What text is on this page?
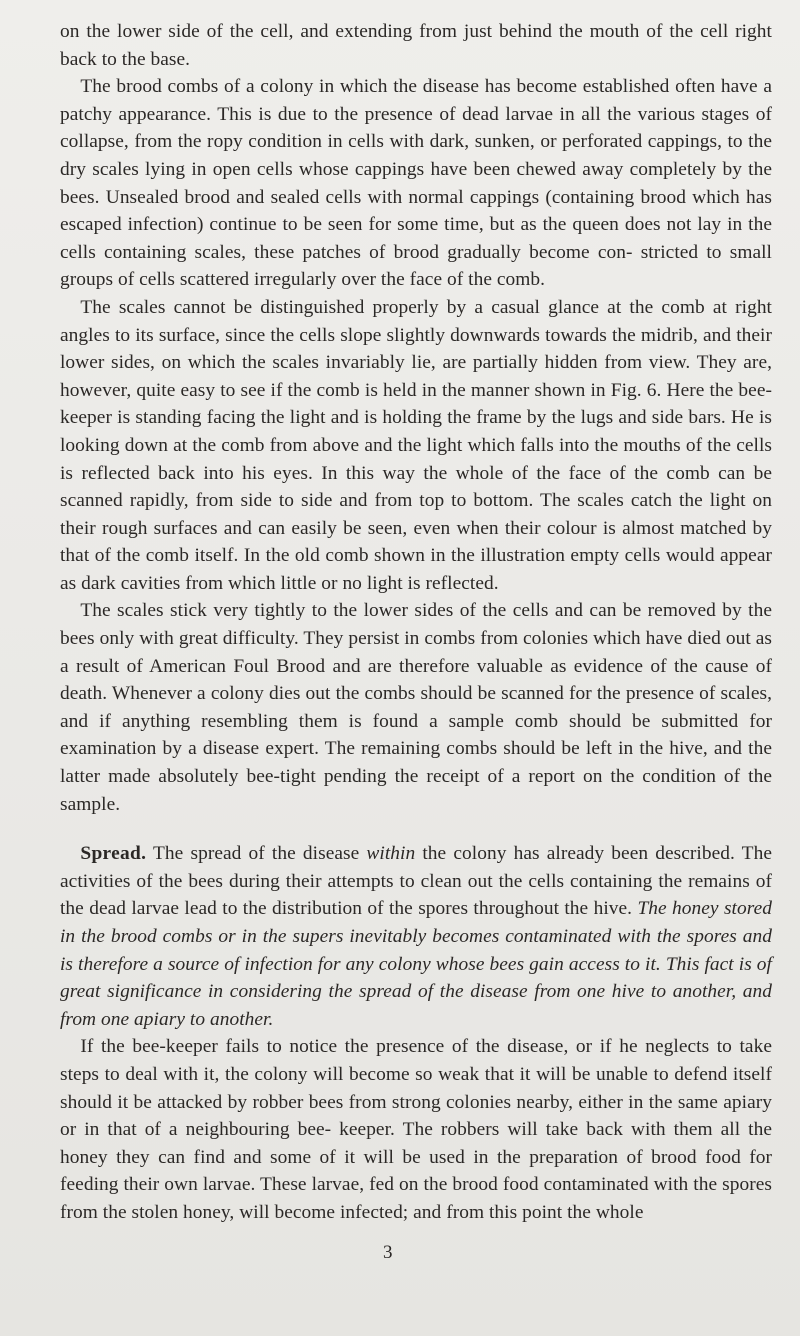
on the lower side of the cell, and extending from just behind the mouth of the cell right back to the base.

The brood combs of a colony in which the disease has become established often have a patchy appearance. This is due to the presence of dead larvae in all the various stages of collapse, from the ropy condition in cells with dark, sunken, or perforated cappings, to the dry scales lying in open cells whose cappings have been chewed away completely by the bees. Unsealed brood and sealed cells with normal cappings (containing brood which has escaped infection) continue to be seen for some time, but as the queen does not lay in the cells containing scales, these patches of brood gradually become con- stricted to small groups of cells scattered irregularly over the face of the comb.

The scales cannot be distinguished properly by a casual glance at the comb at right angles to its surface, since the cells slope slightly downwards towards the midrib, and their lower sides, on which the scales invariably lie, are partially hidden from view. They are, however, quite easy to see if the comb is held in the manner shown in Fig. 6. Here the bee-keeper is standing facing the light and is holding the frame by the lugs and side bars. He is looking down at the comb from above and the light which falls into the mouths of the cells is reflected back into his eyes. In this way the whole of the face of the comb can be scanned rapidly, from side to side and from top to bottom. The scales catch the light on their rough surfaces and can easily be seen, even when their colour is almost matched by that of the comb itself. In the old comb shown in the illustration empty cells would appear as dark cavities from which little or no light is reflected.

The scales stick very tightly to the lower sides of the cells and can be removed by the bees only with great difficulty. They persist in combs from colonies which have died out as a result of American Foul Brood and are therefore valuable as evidence of the cause of death. Whenever a colony dies out the combs should be scanned for the presence of scales, and if anything resembling them is found a sample comb should be submitted for examination by a disease expert. The remaining combs should be left in the hive, and the latter made absolutely bee-tight pending the receipt of a report on the condition of the sample.

Spread. The spread of the disease within the colony has already been described. The activities of the bees during their attempts to clean out the cells containing the remains of the dead larvae lead to the distribution of the spores throughout the hive. The honey stored in the brood combs or in the supers inevitably becomes contaminated with the spores and is therefore a source of infection for any colony whose bees gain access to it. This fact is of great significance in considering the spread of the disease from one hive to another, and from one apiary to another.

If the bee-keeper fails to notice the presence of the disease, or if he neglects to take steps to deal with it, the colony will become so weak that it will be unable to defend itself should it be attacked by robber bees from strong colonies nearby, either in the same apiary or in that of a neighbouring bee- keeper. The robbers will take back with them all the honey they can find and some of it will be used in the preparation of brood food for feeding their own larvae. These larvae, fed on the brood food contaminated with the spores from the stolen honey, will become infected; and from this point the whole

3
